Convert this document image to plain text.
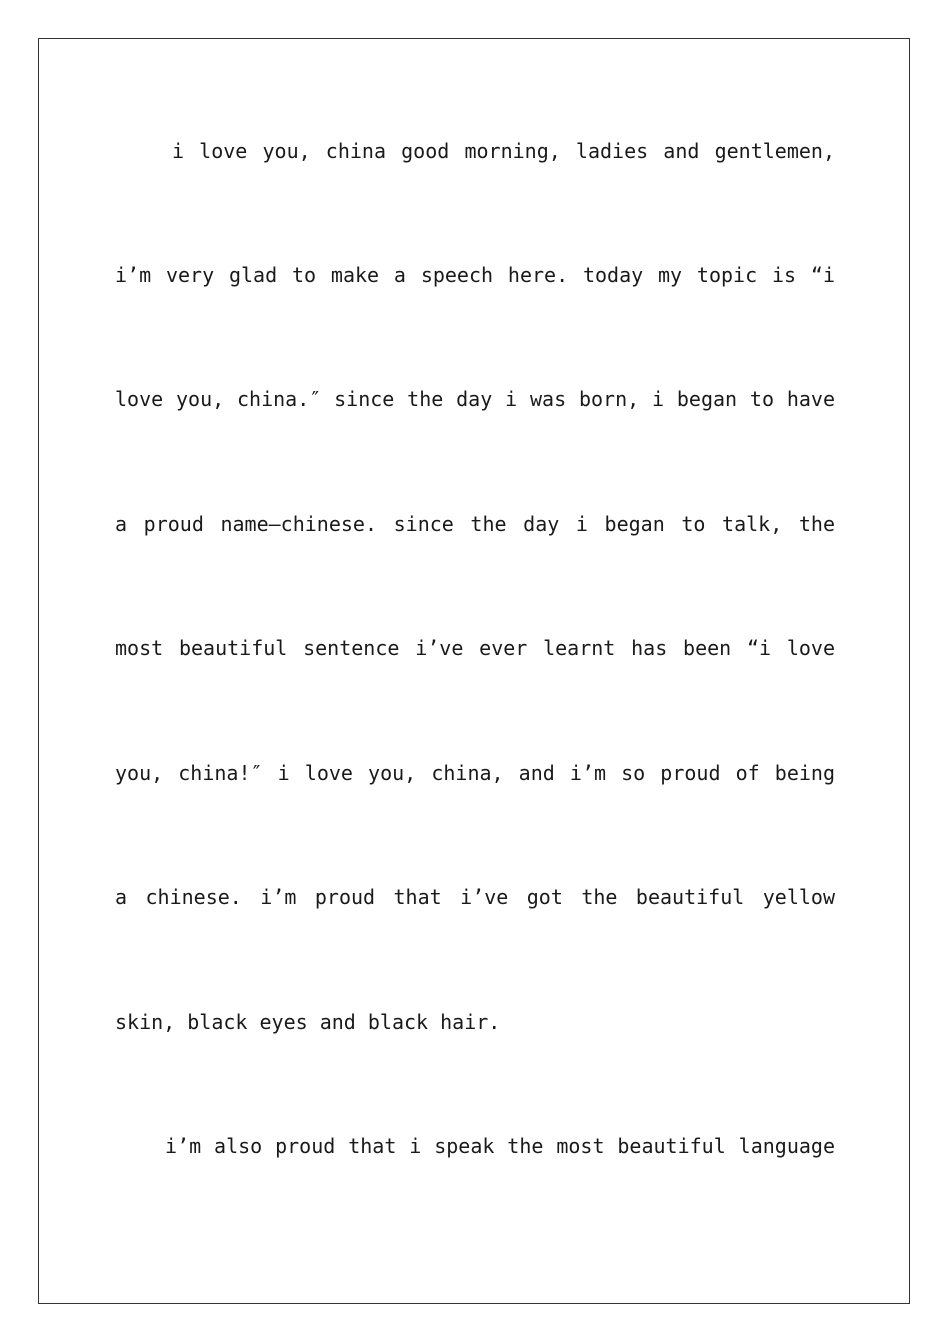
i love you, china good morning, ladies and gentlemen,
i’m very glad to make a speech here. today my topic is “i
love you, china.″ since the day i was born, i began to have
a proud name—chinese. since the day i began to talk, the
most beautiful sentence i’ve ever learnt has been “i love
you, china!″ i love you, china, and i’m so proud of being
a chinese. i’m proud that i’ve got the beautiful yellow
skin, black eyes and black hair.
i’m also proud that i speak the most beautiful language
